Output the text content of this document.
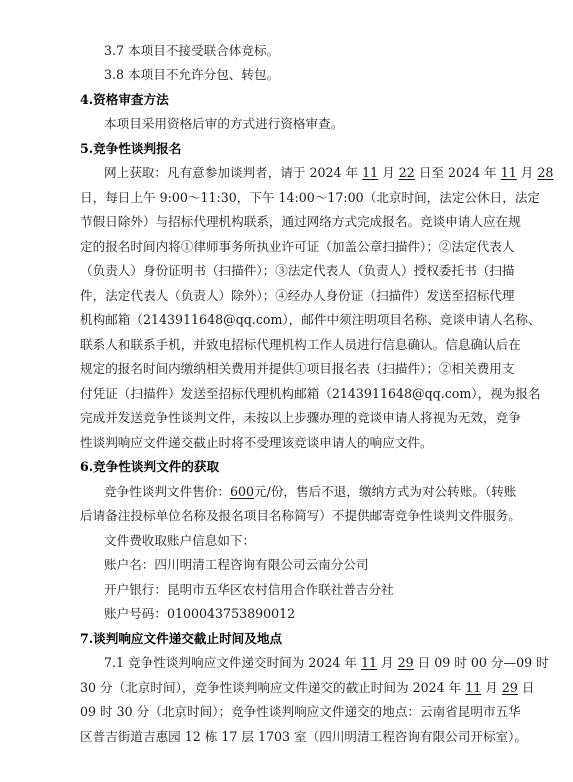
3.7 本项目不接受联合体竞标。
3.8 本项目不允许分包、转包。
4.资格审查方法
本项目采用资格后审的方式进行资格审查。
5.竞争性谈判报名
网上获取：凡有意参加谈判者，请于 2024 年 11 月 22 日至 2024 年 11 月 28
日，每日上午 9:00～11:30，下午 14:00～17:00（北京时间，法定公休日，法定
节假日除外）与招标代理机构联系，通过网络方式完成报名。竞谈申请人应在规
定的报名时间内将①律师事务所执业许可证（加盖公章扫描件）；②法定代表人
（负责人）身份证明书（扫描件）；③法定代表人（负责人）授权委托书（扫描
件，法定代表人（负责人）除外）；④经办人身份证（扫描件）发送至招标代理
机构邮箱（2143911648@qq.com），邮件中须注明项目名称、竞谈申请人名称、
联系人和联系手机，并致电招标代理机构工作人员进行信息确认。信息确认后在
规定的报名时间内缴纳相关费用并提供①项目报名表（扫描件）；②相关费用支
付凭证（扫描件）发送至招标代理机构邮箱（2143911648@qq.com），视为报名
完成并发送竞争性谈判文件，未按以上步骤办理的竞谈申请人将视为无效，竞争
性谈判响应文件递交截止时将不受理该竞谈申请人的响应文件。
6.竞争性谈判文件的获取
竞争性谈判文件售价：600元/份，售后不退，缴纳方式为对公转账。（转账
后请备注投标单位名称及报名项目名称简写）不提供邮寄竞争性谈判文件服务。
文件费收取账户信息如下：
账户名：四川明清工程咨询有限公司云南分公司
开户银行：昆明市五华区农村信用合作联社普吉分社
账户号码：0100043753890012
7.谈判响应文件递交截止时间及地点
7.1 竞争性谈判响应文件递交时间为 2024 年 11 月 29 日 09 时 00 分—09 时
30 分（北京时间），竞争性谈判响应文件递交的截止时间为 2024 年 11 月 29 日
09 时 30 分（北京时间）；竞争性谈判响应文件递交的地点：云南省昆明市五华
区普吉街道吉惠园 12 栋 17 层 1703 室（四川明清工程咨询有限公司开标室）。
